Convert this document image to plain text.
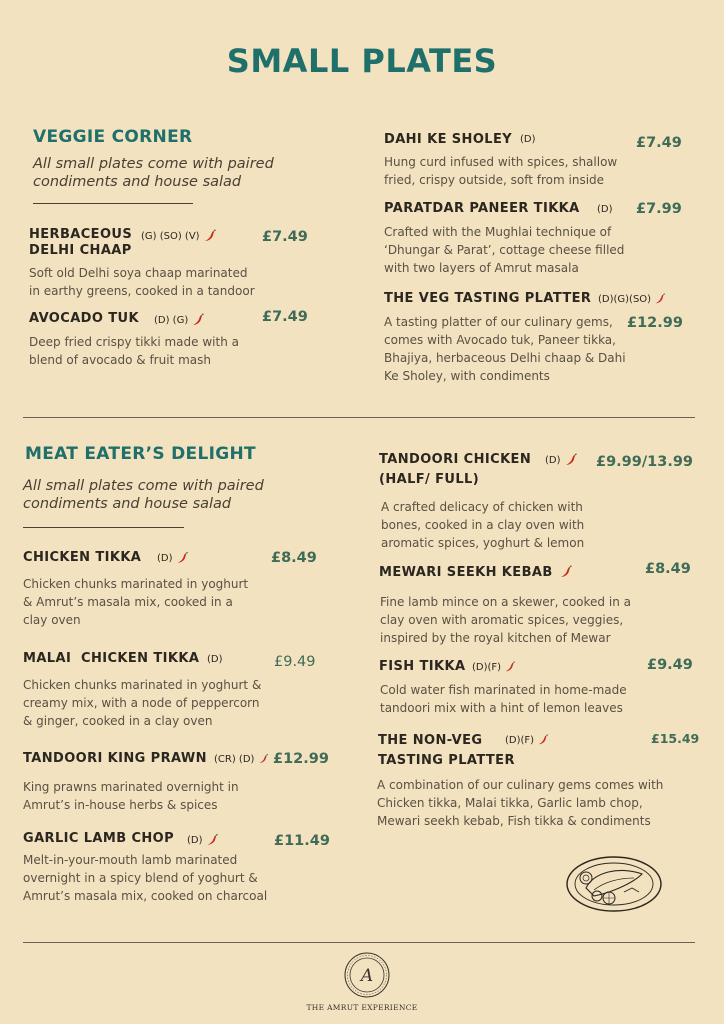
SMALL PLATES
VEGGIE CORNER
All small plates come with paired
condiments and house salad
HERBACEOUS
DELHI CHAAP
(G) (SO) (V)	£7.49
Soft old Delhi soya chaap marinated
in earthy greens, cooked in a tandoor
AVOCADO TUK (D) (G)	£7.49
Deep fried crispy tikki made with a
blend of avocado & fruit mash
DAHI KE SHOLEY (D)	£7.49
Hung curd infused with spices, shallow
fried, crispy outside, soft from inside
PARATDAR PANEER TIKKA (D) £7.99
Crafted with the Mughlai technique of
‘Dhungar & Parat’, cottage cheese filled
with two layers of Amrut masala
THE VEG TASTING PLATTER (D)(G)(SO)
£12.99
A tasting platter of our culinary gems,
comes with Avocado tuk, Paneer tikka,
Bhajiya, herbaceous Delhi chaap & Dahi
Ke Sholey, with condiments
MEAT EATER’S DELIGHT
All small plates come with paired
condiments and house salad
CHICKEN TIKKA (D)	£8.49
Chicken chunks marinated in yoghurt
& Amrut’s masala mix, cooked in a
clay oven
MALAI  CHICKEN TIKKA (D)	£9.49
Chicken chunks marinated in yoghurt &
creamy mix, with a node of peppercorn
& ginger, cooked in a clay oven
TANDOORI KING PRAWN (CR) (D)	£12.99
King prawns marinated overnight in
Amrut’s in-house herbs & spices
GARLIC LAMB CHOP (D)	£11.49
Melt-in-your-mouth lamb marinated
overnight in a spicy blend of yoghurt &
Amrut’s masala mix, cooked on charcoal
TANDOORI CHICKEN
(HALF/ FULL)
(D)	£9.99/13.99
A crafted delicacy of chicken with
bones, cooked in a clay oven with
aromatic spices, yoghurt & lemon
MEWARI SEEKH KEBAB	£8.49
Fine lamb mince on a skewer, cooked in a
clay oven with aromatic spices, veggies,
inspired by the royal kitchen of Mewar
FISH TIKKA (D)(F)	£9.49
Cold water fish marinated in home-made
tandoori mix with a hint of lemon leaves
THE NON-VEG
TASTING PLATTER
(D)(F)	£15.49
A combination of our culinary gems comes with
Chicken tikka, Malai tikka, Garlic lamb chop,
Mewari seekh kebab, Fish tikka & condiments
A
THE AMRUT EXPERIENCE
